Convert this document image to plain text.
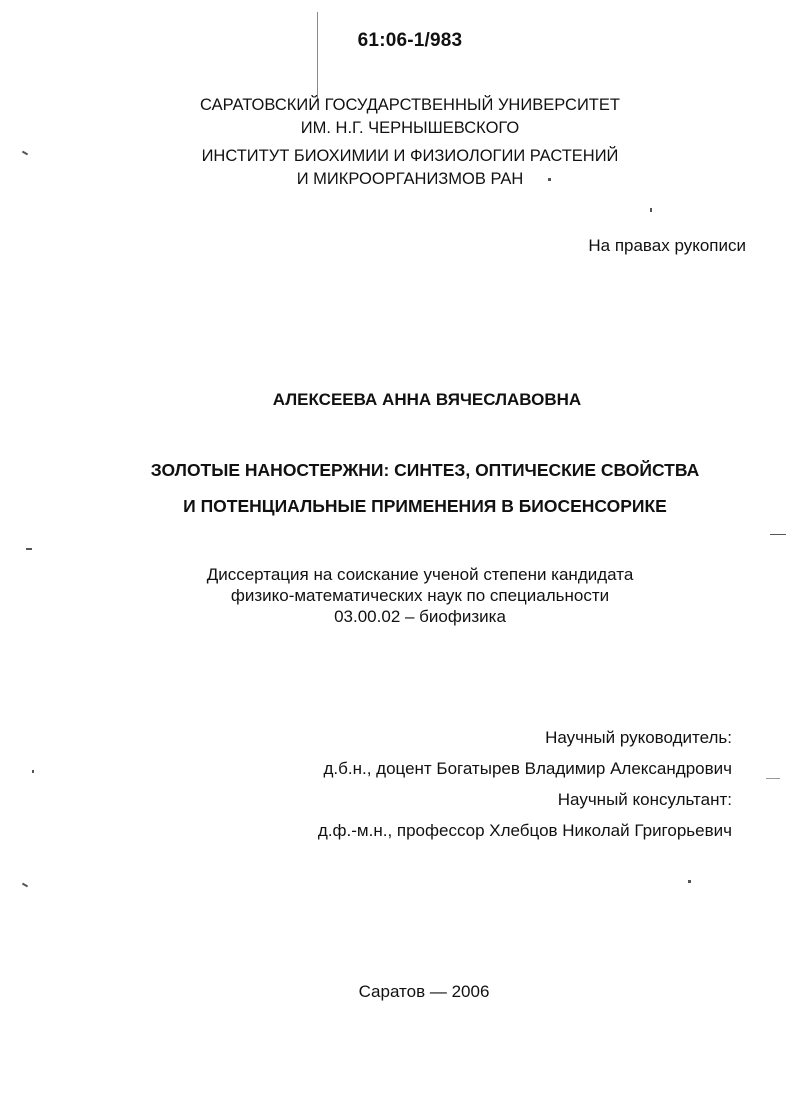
61:06-1/983
САРАТОВСКИЙ ГОСУДАРСТВЕННЫЙ УНИВЕРСИТЕТ
ИМ. Н.Г. ЧЕРНЫШЕВСКОГО
ИНСТИТУТ БИОХИМИИ И ФИЗИОЛОГИИ РАСТЕНИЙ
И МИКРООРГАНИЗМОВ РАН
На правах рукописи
АЛЕКСЕЕВА АННА ВЯЧЕСЛАВОВНА
ЗОЛОТЫЕ НАНОСТЕРЖНИ: СИНТЕЗ, ОПТИЧЕСКИЕ СВОЙСТВА
И ПОТЕНЦИАЛЬНЫЕ ПРИМЕНЕНИЯ В БИОСЕНСОРИКЕ
Диссертация на соискание ученой степени кандидата
физико-математических наук по специальности
03.00.02 – биофизика
Научный руководитель:
д.б.н., доцент Богатырев Владимир Александрович
Научный консультант:
д.ф.-м.н., профессор Хлебцов Николай Григорьевич
Саратов — 2006
